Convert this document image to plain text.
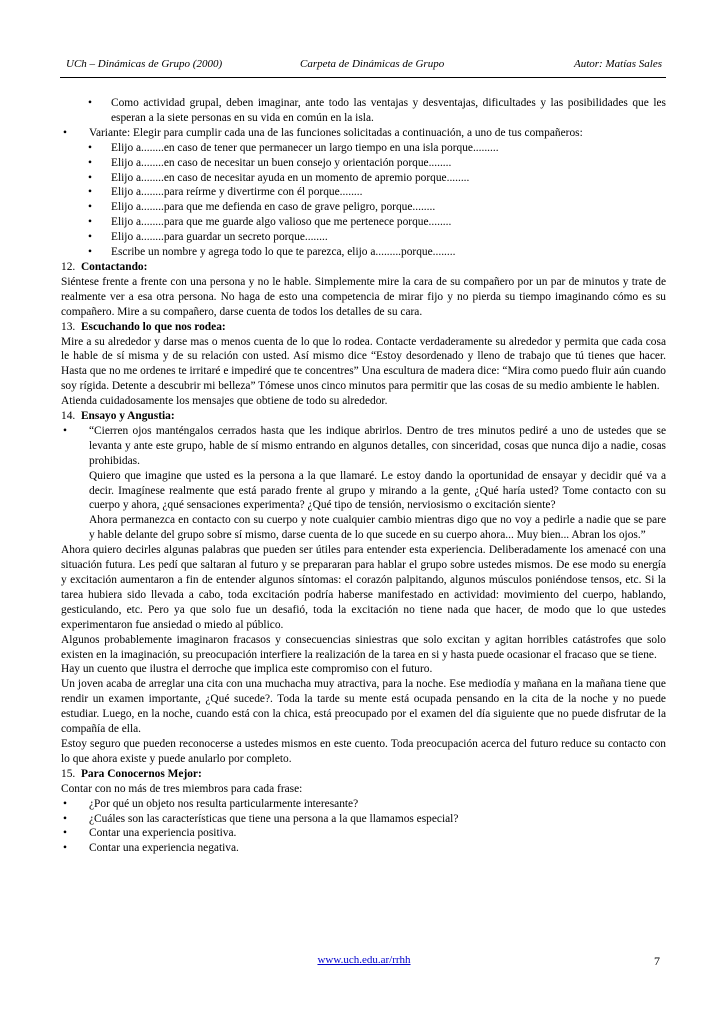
UCh – Dinámicas de Grupo (2000)	Carpeta de Dinámicas de Grupo	Autor: Matías Sales
• Como actividad grupal, deben imaginar, ante todo las ventajas y desventajas, dificultades y las posibilidades que les esperan a la siete personas en su vida en común en la isla.
• Variante: Elegir para cumplir cada una de las funciones solicitadas a continuación, a uno de tus compañeros:
• Elijo a........en caso de tener que permanecer un largo tiempo en una isla porque.........
• Elijo a........en caso de necesitar un buen consejo y orientación porque........
• Elijo a........en caso de necesitar ayuda en un momento de apremio porque........
• Elijo a........para reírme y divertirme con él porque........
• Elijo a........para que me defienda en caso de grave peligro, porque........
• Elijo a........para que me guarde algo valioso que me pertenece porque........
• Elijo a........para guardar un secreto porque........
• Escribe un nombre y agrega todo lo que te parezca, elijo a.........porque........

12. Contactando:

Siéntese frente a frente con una persona y no le hable. Simplemente mire la cara de su compañero por un par de minutos y trate de realmente ver a esa otra persona. No haga de esto una competencia de mirar fijo y no pierda su tiempo imaginando cómo es su compañero. Mire a su compañero, darse cuenta de todos los detalles de su cara.

13. Escuchando lo que nos rodea:

Mire a su alrededor y darse mas o menos cuenta de lo que lo rodea. Contacte verdaderamente su alrededor y permita que cada cosa le hable de sí misma y de su relación con usted. Así mismo dice “Estoy desordenado y lleno de trabajo que tú tienes que hacer. Hasta que no me ordenes te irritaré e impediré que te concentres” Una escultura de madera dice: “Mira como puedo fluir aún cuando soy rígida. Detente a descubrir mi belleza” Tómese unos cinco minutos para permitir que las cosas de su medio ambiente le hablen.

Atienda cuidadosamente los mensajes que obtiene de todo su alrededor.

14. Ensayo y Angustia:

• “Cierren ojos manténgalos cerrados hasta que les indique abrirlos. Dentro de tres minutos pediré a uno de ustedes que se levanta y ante este grupo, hable de sí mismo entrando en algunos detalles, con sinceridad, cosas que nunca dijo a nadie, cosas prohibidas.

Quiero que imagine que usted es la persona a la que llamaré. Le estoy dando la oportunidad de ensayar y decidir qué va a decir. Imagínese realmente que está parado frente al grupo y mirando a la gente, ¿Qué haría usted? Tome contacto con su cuerpo y ahora, ¿qué sensaciones experimenta? ¿Qué tipo de tensión, nerviosismo o excitación siente?

Ahora permanezca en contacto con su cuerpo y note cualquier cambio mientras digo que no voy a pedirle a nadie que se pare y hable delante del grupo sobre sí mismo, darse cuenta de lo que sucede en su cuerpo ahora... Muy bien... Abran los ojos.”

Ahora quiero decirles algunas palabras que pueden ser útiles para entender esta experiencia. Deliberadamente los amenacé con una situación futura. Les pedí que saltaran al futuro y se prepararan para hablar el grupo sobre ustedes mismos. De ese modo su energía y excitación aumentaron a fin de entender algunos síntomas: el corazón palpitando, algunos músculos poniéndose tensos, etc. Si la tarea hubiera sido llevada a cabo, toda excitación podría haberse manifestado en actividad: movimiento del cuerpo, hablando, gesticulando, etc. Pero ya que solo fue un desafió, toda la excitación no tiene nada que hacer, de modo que lo que ustedes experimentaron fue ansiedad o miedo al público.

Algunos probablemente imaginaron fracasos y consecuencias siniestras que solo excitan y agitan horribles catástrofes que solo existen en la imaginación, su preocupación interfiere la realización de la tarea en si y hasta puede ocasionar el fracaso que se tiene.

Hay un cuento que ilustra el derroche que implica este compromiso con el futuro.

Un joven acaba de arreglar una cita con una muchacha muy atractiva, para la noche. Ese mediodía y mañana en la mañana tiene que rendir un examen importante, ¿Qué sucede?. Toda la tarde su mente está ocupada pensando en la cita de la noche y no puede estudiar. Luego, en la noche, cuando está con la chica, está preocupado por el examen del día siguiente que no puede disfrutar de la compañía de ella.

Estoy seguro que pueden reconocerse a ustedes mismos en este cuento. Toda preocupación acerca del futuro reduce su contacto con lo que ahora existe y puede anularlo por completo.

15. Para Conocernos Mejor:

Contar con no más de tres miembros para cada frase:

• ¿Por qué un objeto nos resulta particularmente interesante?
• ¿Cuáles son las características que tiene una persona a la que llamamos especial?
• Contar una experiencia positiva.
• Contar una experiencia negativa.
www.uch.edu.ar/rrhh	7
